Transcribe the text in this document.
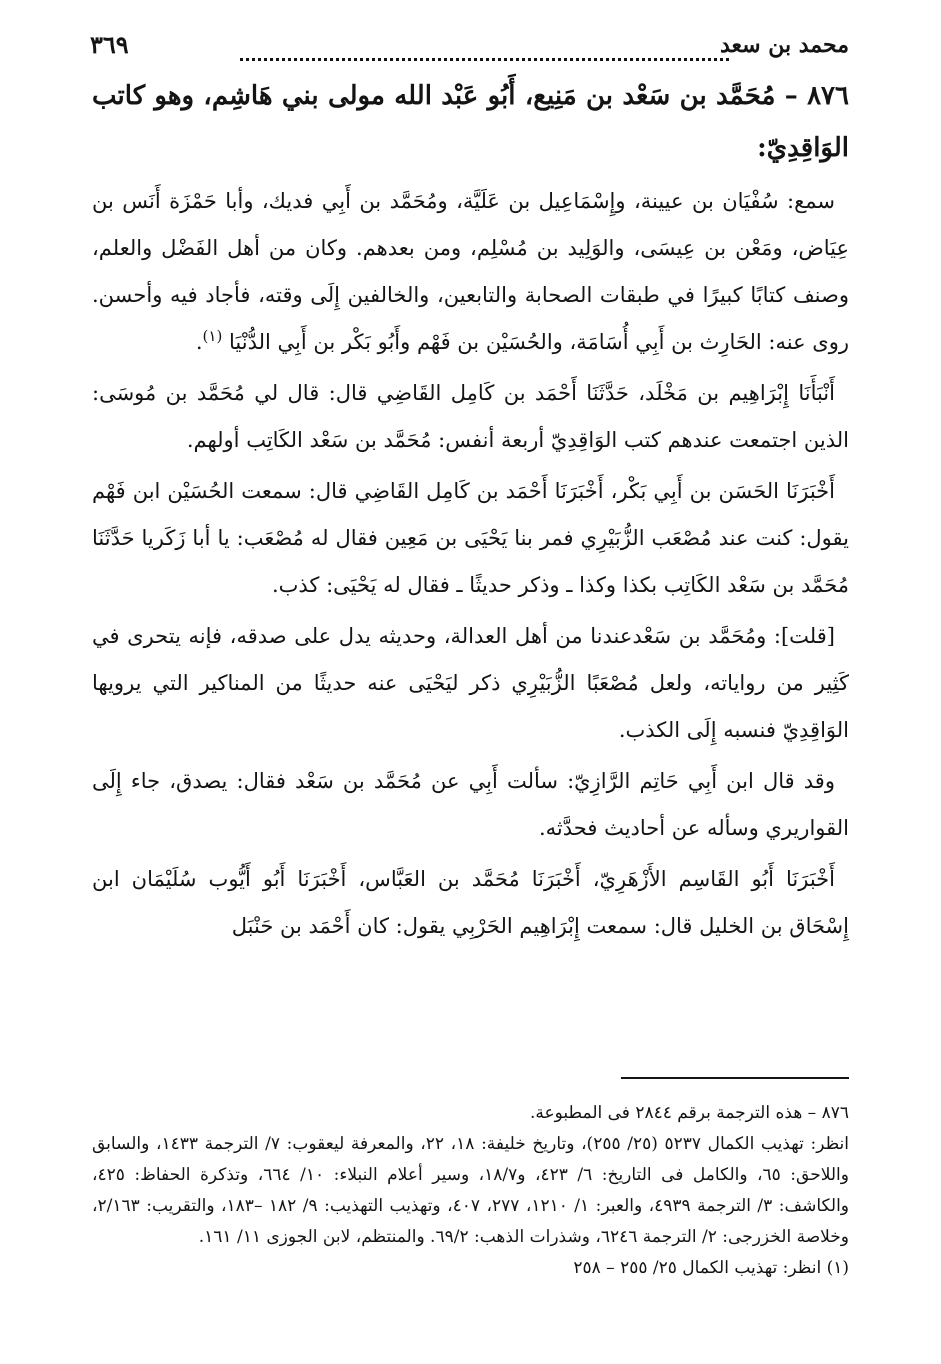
٣٦٩	محمد بن سعد

٨٧٦ – مُحَمَّد بن سَعْد بن مَنِيع، أَبُو عَبْد الله مولى بني هَاشِم، وهو كاتب الوَاقِدِيّ:

سمع: سُفْيَان بن عيينة، وإِسْمَاعِيل بن عَلَيَّة، ومُحَمَّد بن أَبِي فديك، وأبا حَمْزَة أَنَس بن عِيَاض، ومَعْن بن عِيسَى، والوَلِيد بن مُسْلِم، ومن بعدهم. وكان من أهل الفَضْل والعلم، وصنف كتابًا كبيرًا في طبقات الصحابة والتابعين، والخالفين إِلَى وقته، فأجاد فيه وأحسن. روى عنه: الحَارِث بن أَبِي أُسَامَة، والحُسَيْن بن فَهْم وأَبُو بَكْر بن أَبِي الدُّنْيَا $^{(١)}$.

أَنْبَأَنَا إِبْرَاهِيم بن مَخْلَد، حَدَّثَنَا أَحْمَد بن كَامِل القَاضِي قال: قال لي مُحَمَّد بن مُوسَى: الذين اجتمعت عندهم كتب الوَاقِدِيّ أربعة أنفس: مُحَمَّد بن سَعْد الكَاتِب أولهم.

أَخْبَرَنَا الحَسَن بن أَبِي بَكْر، أَخْبَرَنَا أَحْمَد بن كَامِل القَاضِي قال: سمعت الحُسَيْن ابن فَهْم يقول: كنت عند مُصْعَب الزُّبَيْرِي فمر بنا يَحْيَى بن مَعِين فقال له مُصْعَب: يا أبا زَكَريا حَدَّثَنَا مُحَمَّد بن سَعْد الكَاتِب بكذا وكذا ـ وذكر حديثًا ـ فقال له يَحْيَى: كذب.

[قلت]: ومُحَمَّد بن سَعْدعندنا من أهل العدالة، وحديثه يدل على صدقه، فإنه يتحرى في كَثِير من رواياته، ولعل مُصْعَبًا الزُّبَيْرِي ذكر ليَحْيَى عنه حديثًا من المناكير التي يرويها الوَاقِدِيّ فنسبه إِلَى الكذب.

وقد قال ابن أَبِي حَاتِم الرَّازِيّ: سألت أَبِي عن مُحَمَّد بن سَعْد فقال: يصدق، جاء إِلَى القواريري وسأله عن أحاديث فحدَّثه.

أَخْبَرَنَا أَبُو القَاسِم الأَزْهَرِيّ، أَخْبَرَنَا مُحَمَّد بن العَبَّاس، أَخْبَرَنَا أَبُو أَيُّوب سُلَيْمَان ابن إِسْحَاق بن الخليل قال: سمعت إِبْرَاهِيم الحَرْبِي يقول: كان أَحْمَد بن حَنْبَل

٨٧٦ – هذه الترجمة برقم ٢٨٤٤ فى المطبوعة.

انظر: تهذيب الكمال ٥٢٣٧ (٢٥/ ٢٥٥)، وتاريخ خليفة: ١٨، ٢٢، والمعرفة ليعقوب: ٧/ الترجمة ١٤٣٣، والسابق واللاحق: ٦٥، والكامل فى التاريخ: ٦/ ٤٢٣، و١٨/٧، وسير أعلام النبلاء: ١٠/ ٦٦٤، وتذكرة الحفاظ: ٤٢٥، والكاشف: ٣/ الترجمة ٤٩٣٩، والعبر: ١/ ١٢١٠، ٢٧٧، ٤٠٧، وتهذيب التهذيب: ٩/ ١٨٢ –١٨٣، والتقريب: ٢/١٦٣، وخلاصة الخزرجى: ٢/ الترجمة ٦٢٤٦، وشذرات الذهب: ٦٩/٢. والمنتظم، لابن الجوزى ١١/ ١٦١.

(١) انظر: تهذيب الكمال ٢٥/ ٢٥٥ – ٢٥٨
